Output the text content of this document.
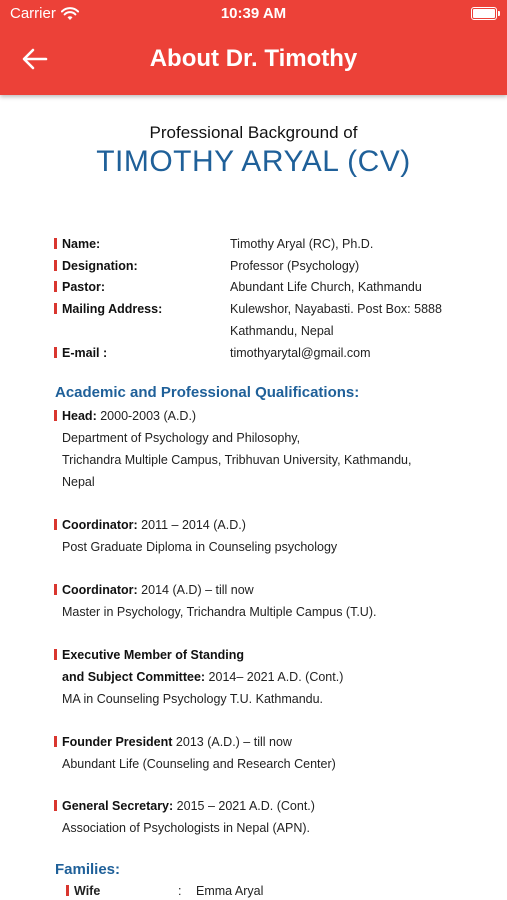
Carrier	10:39 AM
About Dr. Timothy
Professional Background of
TIMOTHY ARYAL (CV)
Name:	Timothy Aryal (RC), Ph.D.
Designation:	Professor (Psychology)
Pastor:	Abundant Life Church, Kathmandu
Mailing Address:	Kulewshor, Nayabasti. Post Box: 5888
Kathmandu, Nepal
E-mail :	timothyarytal@gmail.com
Academic and Professional Qualifications:
Head: 2000-2003 (A.D.)
Department of Psychology and Philosophy,
Trichandra Multiple Campus, Tribhuvan University, Kathmandu,
Nepal
Coordinator: 2011 – 2014 (A.D.)
Post Graduate Diploma in Counseling psychology
Coordinator: 2014 (A.D) – till now
Master in Psychology, Trichandra Multiple Campus (T.U).
Executive Member of Standing
and Subject Committee: 2014– 2021 A.D. (Cont.)
MA in Counseling Psychology T.U. Kathmandu.
Founder President 2013 (A.D.) – till now
Abundant Life (Counseling and Research Center)
General Secretary: 2015 – 2021 A.D. (Cont.)
Association of Psychologists in Nepal (APN).
Families:
Wife	: Emma Aryal
